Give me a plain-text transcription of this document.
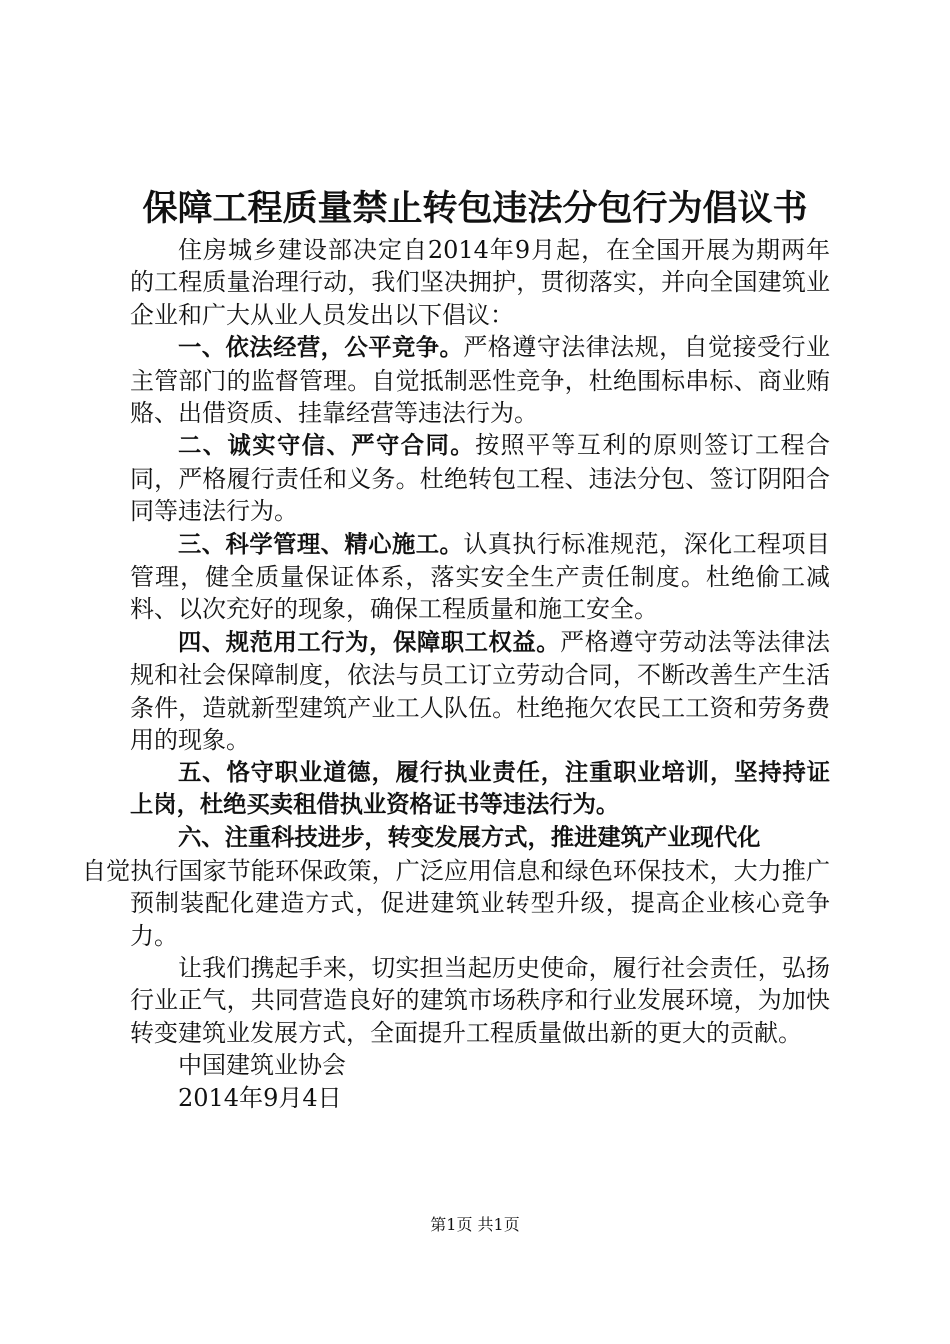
保障工程质量禁止转包违法分包行为倡议书

住房城乡建设部决定自2014年9月起，在全国开展为期两年的工程质量治理行动，我们坚决拥护，贯彻落实，并向全国建筑业企业和广大从业人员发出以下倡议：

一、依法经营，公平竞争。严格遵守法律法规，自觉接受行业主管部门的监督管理。自觉抵制恶性竞争，杜绝围标串标、商业贿赂、出借资质、挂靠经营等违法行为。

二、诚实守信、严守合同。按照平等互利的原则签订工程合同，严格履行责任和义务。杜绝转包工程、违法分包、签订阴阳合同等违法行为。

三、科学管理、精心施工。认真执行标准规范，深化工程项目管理，健全质量保证体系，落实安全生产责任制度。杜绝偷工减料、以次充好的现象，确保工程质量和施工安全。

四、规范用工行为，保障职工权益。严格遵守劳动法等法律法规和社会保障制度，依法与员工订立劳动合同，不断改善生产生活条件，造就新型建筑产业工人队伍。杜绝拖欠农民工工资和劳务费用的现象。

五、恪守职业道德，履行执业责任，注重职业培训，坚持持证上岗，杜绝买卖租借执业资格证书等违法行为。

六、注重科技进步，转变发展方式，推进建筑产业现代化
自觉执行国家节能环保政策，广泛应用信息和绿色环保技术，大力推广预制装配化建造方式，促进建筑业转型升级，提高企业核心竞争力。

让我们携起手来，切实担当起历史使命，履行社会责任，弘扬行业正气，共同营造良好的建筑市场秩序和行业发展环境，为加快转变建筑业发展方式，全面提升工程质量做出新的更大的贡献。

中国建筑业协会

2014年9月4日

第1页 共1页
